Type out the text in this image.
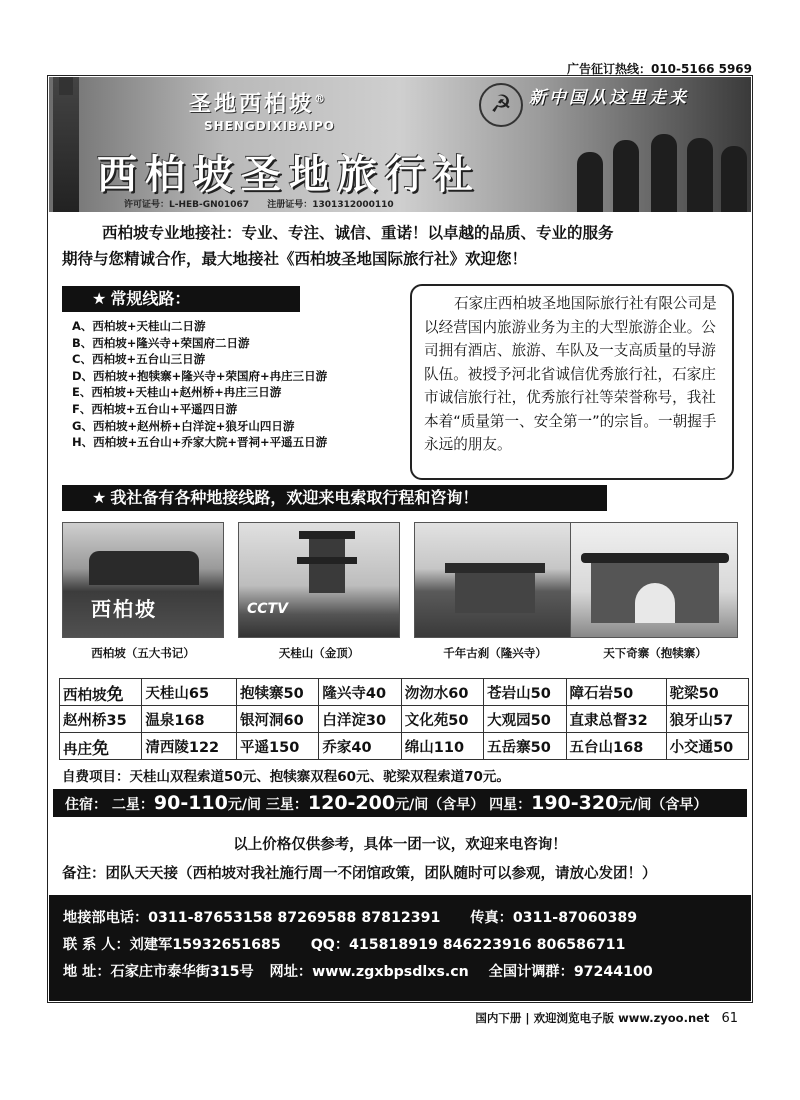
广告征订热线：010-5166 5969
圣地西柏坡®
SHENGDIXIBAIPO
西柏坡圣地旅行社
许可证号：L-HEB-GN01067 注册证号：1301312000110
☭	新中国从这里走来
西柏坡专业地接社：专业、专注、诚信、重诺！以卓越的品质、专业的服务
期待与您精诚合作，最大地接社《西柏坡圣地国际旅行社》欢迎您！
★ 常规线路：
A、西柏坡+天桂山二日游
B、西柏坡+隆兴寺+荣国府二日游
C、西柏坡+五台山三日游
D、西柏坡+抱犊寨+隆兴寺+荣国府+冉庄三日游
E、西柏坡+天桂山+赵州桥+冉庄三日游
F、西柏坡+五台山+平遥四日游
G、西柏坡+赵州桥+白洋淀+狼牙山四日游
H、西柏坡+五台山+乔家大院+晋祠+平遥五日游
石家庄西柏坡圣地国际旅行社有限公司是以经营国内旅游业务为主的大型旅游企业。公司拥有酒店、旅游、车队及一支高质量的导游队伍。被授予河北省诚信优秀旅行社，石家庄市诚信旅行社，优秀旅行社等荣誉称号，我社本着“质量第一、安全第一”的宗旨。一朝握手永远的朋友。
★ 我社备有各种地接线路，欢迎来电索取行程和咨询！
西柏坡	CCTV
西柏坡（五大书记）	天桂山（金顶）	千年古刹（隆兴寺）	天下奇寨（抱犊寨）
西柏坡免	天桂山65	抱犊寨50	隆兴寺40	沕沕水60	苍岩山50	障石岩50	驼梁50
赵州桥35	温泉168	银河洞60	白洋淀30	文化苑50	大观园50	直隶总督32	狼牙山57
冉庄免	清西陵122	平遥150	乔家40	绵山110	五岳寨50	五台山168	小交通50
自费项目：天桂山双程索道50元、抱犊寨双程60元、驼梁双程索道70元。
住宿： 二星：90-110元/间 三星：120-200元/间（含早） 四星：190-320元/间（含早）
以上价格仅供参考，具体一团一议，欢迎来电咨询！
备注：团队天天接（西柏坡对我社施行周一不闭馆政策，团队随时可以参观，请放心发团！）
地接部电话：0311-87653158 87269588 87812391 传真：0311-87060389
联 系 人：刘建军15932651685 QQ：415818919 846223916 806586711
地 址：石家庄市泰华街315号 网址：www.zgxbpsdlxs.cn 全国计调群：97244100
国内下册 | 欢迎浏览电子版 www.zyoo.net 61
